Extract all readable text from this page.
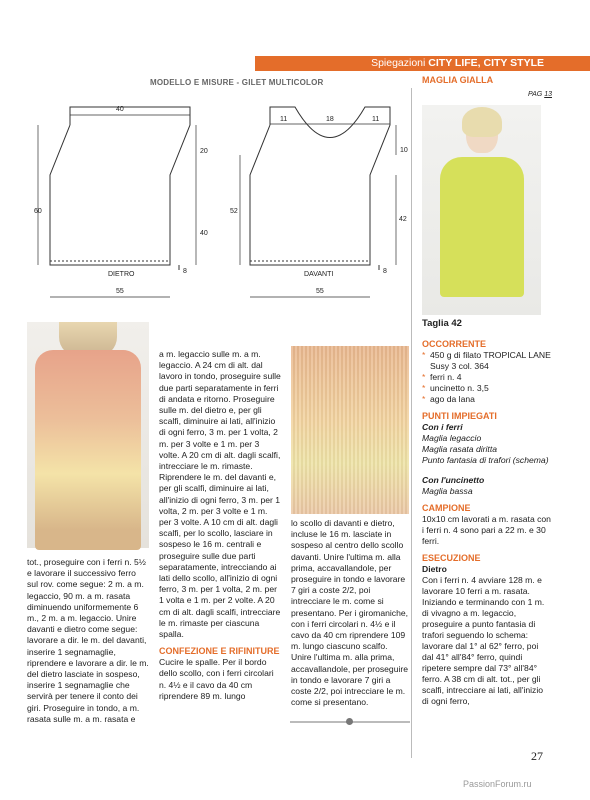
Spiegazioni CITY LIFE, CITY STYLE
MODELLO E MISURE - GILET MULTICOLOR
40
60
20
40
DIETRO	8
55
11	18	11
10
52
42
DAVANTI	8
55
MAGLIA GIALLA
PAG 13
Taglia 42
OCCORRENTE
* 450 g di filato TROPICAL LANE Susy 3 col. 364
* ferri n. 4
* uncinetto n. 3,5
* ago da lana
PUNTI IMPIEGATI
Con i ferri
Maglia legaccio
Maglia rasata diritta
Punto fantasia di trafori (schema)
Con l'uncinetto
Maglia bassa
CAMPIONE
10x10 cm lavorati a m. rasata con i ferri n. 4 sono pari a 22 m. e 30 ferri.
ESECUZIONE
Dietro
Con i ferri n. 4 avviare 128 m. e lavorare 10 ferri a m. rasata. Iniziando e terminando con 1 m. di vivagno a m. legaccio, proseguire a punto fantasia di trafori seguendo lo schema: lavorare dal 1° al 62° ferro, poi dal 41° all'84° ferro, quindi ripetere sempre dal 73° all'84° ferro. A 38 cm di alt. tot., per gli scalfi, intrecciare ai lati, all'inizio di ogni ferro,
tot., proseguire con i ferri n. 5½ e lavorare il successivo ferro sul rov. come segue: 2 m. a m. legaccio, 90 m. a m. rasata diminuendo uniformemente 6 m., 2 m. a m. legaccio. Unire davanti e dietro come segue: lavorare a dir. le m. del davanti, inserire 1 segnamaglie, riprendere e lavorare a dir. le m. del dietro lasciate in sospeso, inserire 1 segnamaglie che servirà per tenere il conto dei giri. Proseguire in tondo, a m. rasata sulle m. a m. rasata e

a m. legaccio sulle m. a m. legaccio. A 24 cm di alt. dal lavoro in tondo, proseguire sulle due parti separatamente in ferri di andata e ritorno. Proseguire sulle m. del dietro e, per gli scalfi, diminuire ai lati, all'inizio di ogni ferro, 3 m. per 1 volta, 2 m. per 3 volte e 1 m. per 3 volte. A 20 cm di alt. dagli scalfi, intrecciare le m. rimaste. Riprendere le m. del davanti e, per gli scalfi, diminuire ai lati, all'inizio di ogni ferro, 3 m. per 1 volta, 2 m. per 3 volte e 1 m. per 3 volte. A 10 cm di alt. dagli scalfi, per lo scollo, lasciare in sospeso le 16 m. centrali e proseguire sulle due parti separatamente, intrecciando ai lati dello scollo, all'inizio di ogni ferro, 3 m. per 1 volta, 2 m. per 1 volta e 1 m. per 2 volte. A 20 cm di alt. dagli scalfi, intrecciare le m. rimaste per ciascuna spalla.

CONFEZIONE E RIFINITURE

Cucire le spalle. Per il bordo dello scollo, con i ferri circolari n. 4½ e il cavo da 40 cm riprendere 89 m. lungo

lo scollo di davanti e dietro, incluse le 16 m. lasciate in sospeso al centro dello scollo davanti. Unire l'ultima m. alla prima, accavallandole, per proseguire in tondo e lavorare 7 giri a coste 2/2, poi intrecciare le m. come si presentano. Per i giromaniche, con i ferri circolari n. 4½ e il cavo da 40 cm riprendere 109 m. lungo ciascuno scalfo. Unire l'ultima m. alla prima, accavallandole, per proseguire in tondo e lavorare 7 giri a coste 2/2, poi intrecciare le m. come si presentano.
27
PassionForum.ru
